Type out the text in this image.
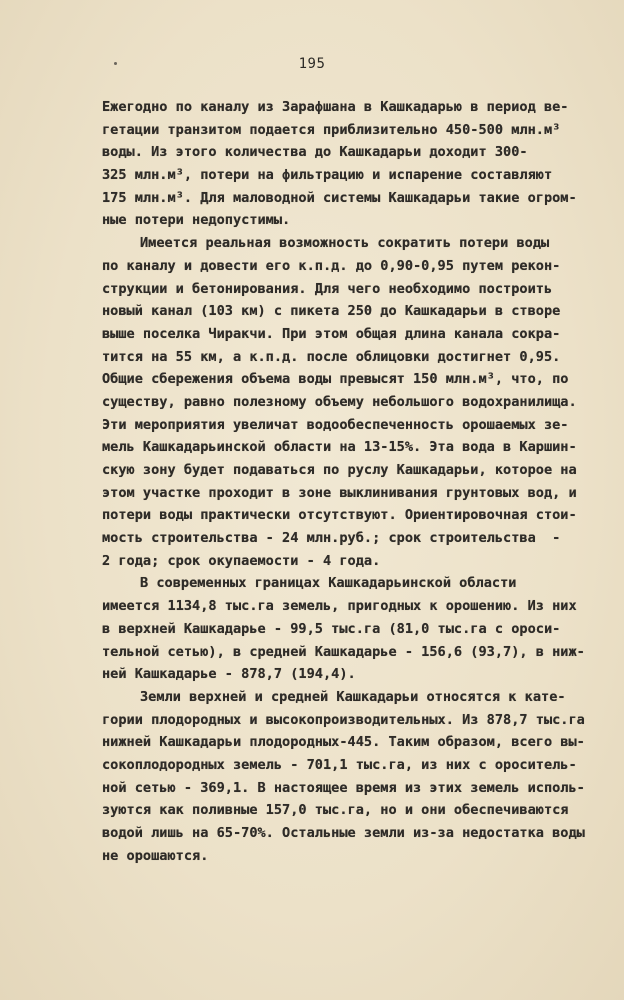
195
Ежегодно по каналу из Зарафшана в Кашкадарью в период ве-
гетации транзитом подается приблизительно 450-500 млн.м³
воды. Из этого количества до Кашкадарьи доходит 300-
325 млн.м³, потери на фильтрацию и испарение составляют
175 млн.м³. Для маловодной системы Кашкадарьи такие огром-
ные потери недопустимы.
Имеется реальная возможность сократить потери воды
по каналу и довести его к.п.д. до 0,90-0,95 путем рекон-
струкции и бетонирования. Для чего необходимо построить
новый канал (103 км) с пикета 250 до Кашкадарьи в створе
выше поселка Чиракчи. При этом общая длина канала сокра-
тится на 55 км, а к.п.д. после облицовки достигнет 0,95.
Общие сбережения объема воды превысят 150 млн.м³, что, по
существу, равно полезному объему небольшого водохранилища.
Эти мероприятия увеличат водообеспеченность орошаемых зе-
мель Кашкадарьинской области на 13-15%. Эта вода в Каршин-
скую зону будет подаваться по руслу Кашкадарьи, которое на
этом участке проходит в зоне выклинивания грунтовых вод, и
потери воды практически отсутствуют. Ориентировочная стои-
мость строительства - 24 млн.руб.; срок строительства  -
2 года; срок окупаемости - 4 года.
В современных границах Кашкадарьинской области
имеется 1134,8 тыс.га земель, пригодных к орошению. Из них
в верхней Кашкадарье - 99,5 тыс.га (81,0 тыс.га с ороси-
тельной сетью), в средней Кашкадарье - 156,6 (93,7), в ниж-
ней Кашкадарье - 878,7 (194,4).
Земли верхней и средней Кашкадарьи относятся к кате-
гории плодородных и высокопроизводительных. Из 878,7 тыс.га
нижней Кашкадарьи плодородных-445. Таким образом, всего вы-
сокоплодородных земель - 701,1 тыс.га, из них с ороситель-
ной сетью - 369,1. В настоящее время из этих земель исполь-
зуются как поливные 157,0 тыс.га, но и они обеспечиваются
водой лишь на 65-70%. Остальные земли из-за недостатка воды
не орошаются.
